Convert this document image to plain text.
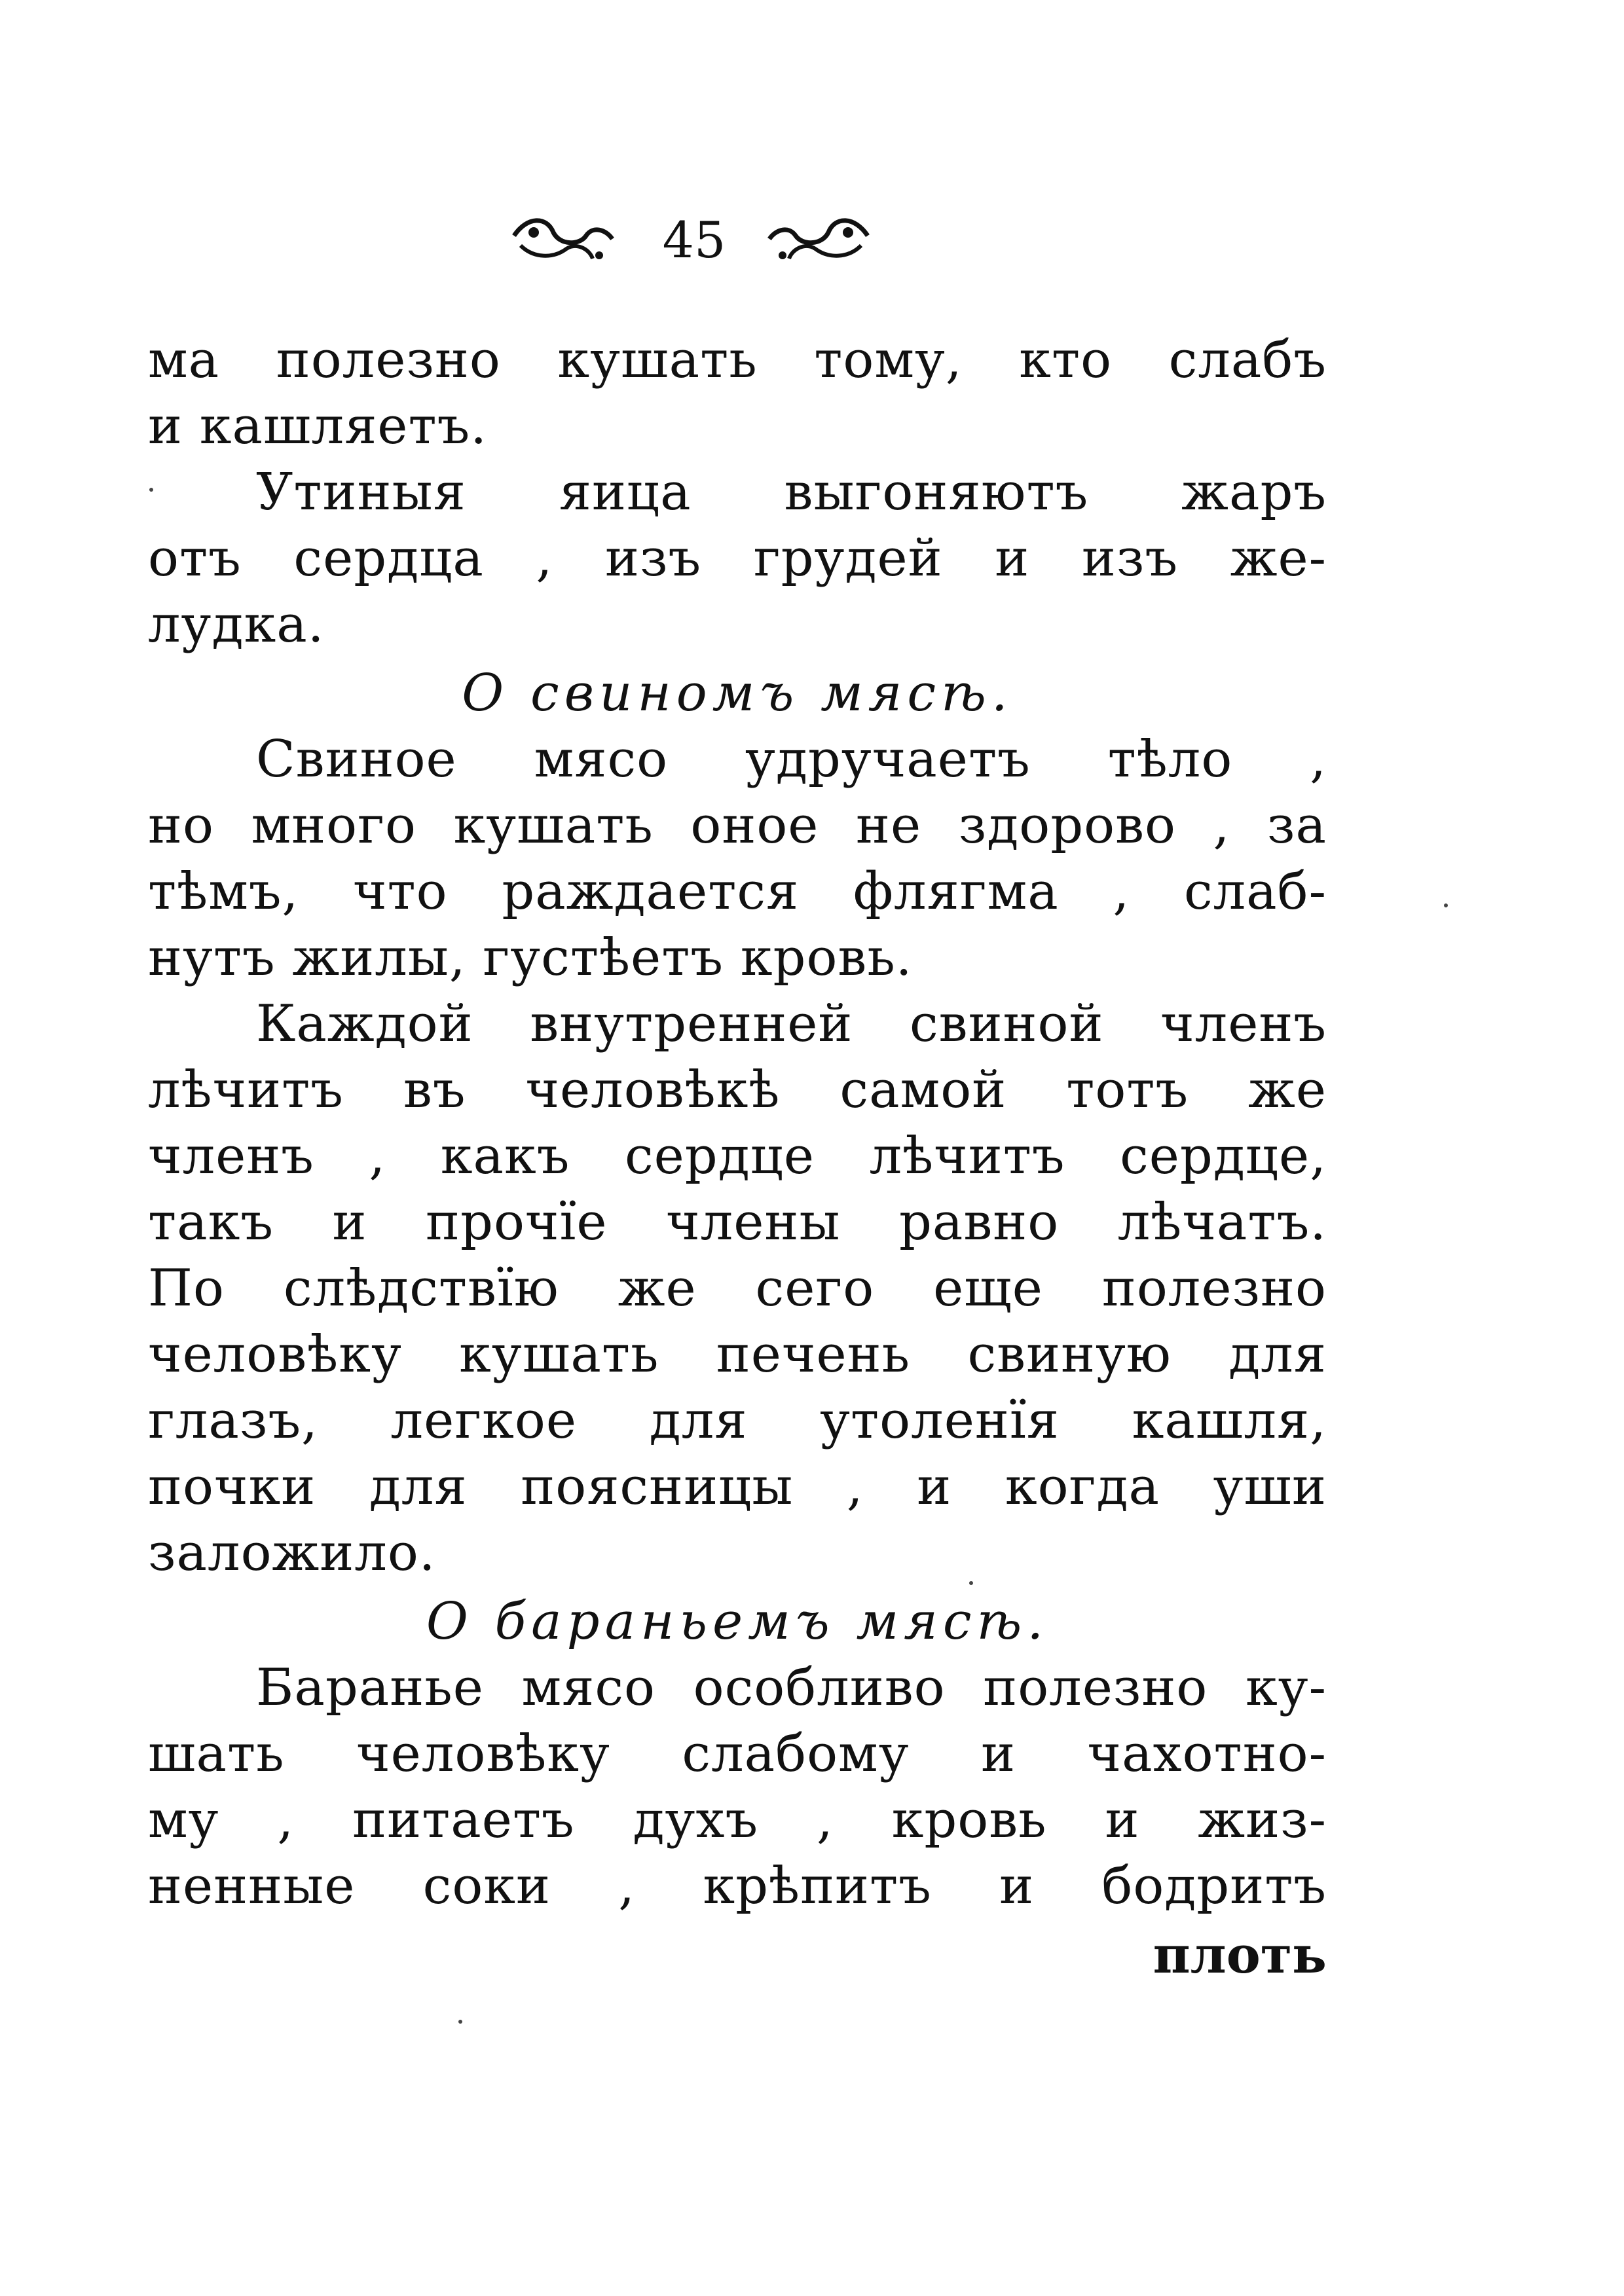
45
ма полезно кушать тому, кто слабъ
и кашляетъ.
Утиныя яица выгоняютъ жаръ
отъ сердца , изъ грудей и изъ же-
лудка.
О свиномъ мясѣ.
Свиное мясо удручаетъ тѣло ,
но много кушать оное не здорово , за
тѣмъ, что раждается флягма , слаб-
нутъ жилы, густѣетъ кровь.
Каждой внутренней свиной членъ
лѣчитъ въ человѣкѣ самой тотъ же
членъ , какъ сердце лѣчитъ сердце,
такъ и прочїе члены равно лѣчатъ.
По слѣдствїю же сего еще полезно
человѣку кушать печень свиную для
глазъ, легкое для утоленїя кашля,
почки для поясницы , и когда уши
заложило.
О бараньемъ мясѣ.
Баранье мясо особливо полезно ку-
шать человѣку слабому и чахотно-
му , питаетъ духъ , кровь и жиз-
ненные соки , крѣпитъ и бодритъ
плоть
